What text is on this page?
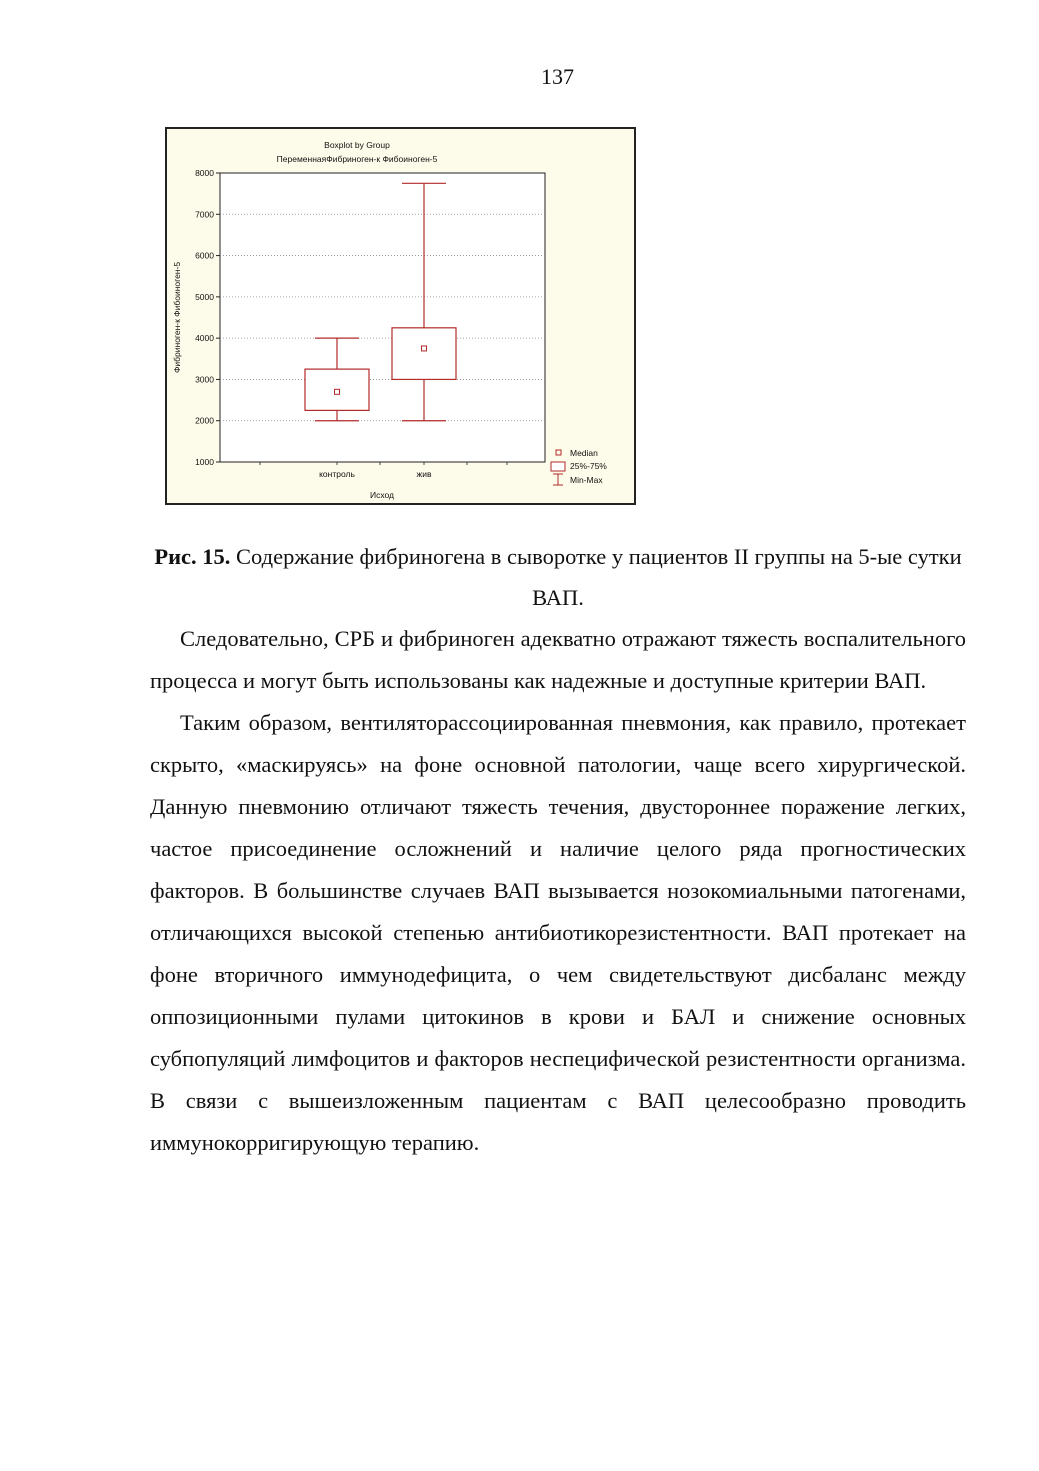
137
Boxplot by Group
ПеременнаяФибриноген-к Фибоиноген-5
1000
2000
3000
4000
5000
6000
7000
8000
Фибриноген-к Фибоиноген-5
контроль	жив
Исход
Median
25%-75%
Min-Max
Рис. 15. Содержание фибриногена в сыворотке у пациентов II группы на 5-ые сутки ВАП.

Следовательно, СРБ и фибриноген адекватно отражают тяжесть воспалительного процесса и могут быть использованы как надежные и доступные критерии ВАП.

Таким образом, вентиляторассоциированная пневмония, как правило, протекает скрыто, «маскируясь» на фоне основной патологии, чаще всего хирургической. Данную пневмонию отличают тяжесть течения, двустороннее поражение легких, частое присоединение осложнений и наличие целого ряда прогностических факторов. В большинстве случаев ВАП вызывается нозокомиальными патогенами, отличающихся высокой степенью антибиотикорезистентности. ВАП протекает на фоне вторичного иммунодефицита, о чем свидетельствуют дисбаланс между оппозиционными пулами цитокинов в крови и БАЛ и снижение основных субпопуляций лимфоцитов и факторов неспецифической резистентности организма. В связи с вышеизложенным пациентам с ВАП целесообразно проводить иммунокорригирующую терапию.
